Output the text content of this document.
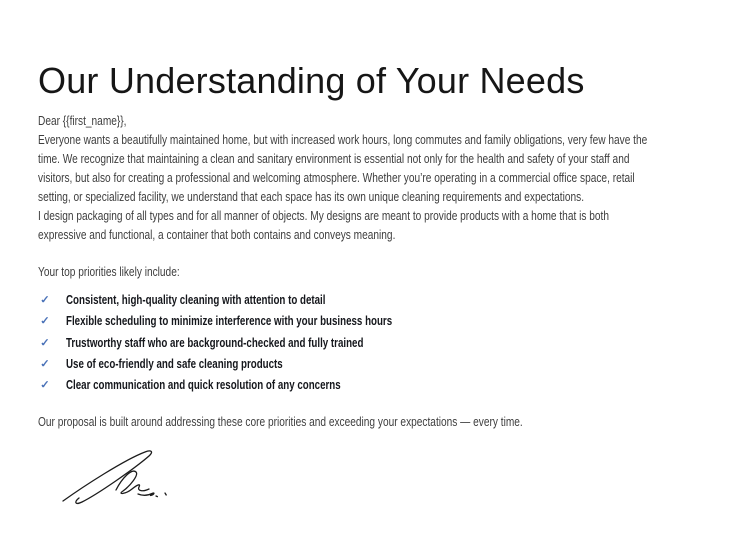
Our Understanding of Your Needs
Dear {{first_name}},
Everyone wants a beautifully maintained home, but with increased work hours, long commutes and family obligations, very few have the
time. We recognize that maintaining a clean and sanitary environment is essential not only for the health and safety of your staff and
visitors, but also for creating a professional and welcoming atmosphere. Whether you’re operating in a commercial office space, retail
setting, or specialized facility, we understand that each space has its own unique cleaning requirements and expectations.
I design packaging of all types and for all manner of objects. My designs are meant to provide products with a home that is both
expressive and functional, a container that both contains and conveys meaning.
Your top priorities likely include:
✓	Consistent, high-quality cleaning with attention to detail
✓	Flexible scheduling to minimize interference with your business hours
✓	Trustworthy staff who are background-checked and fully trained
✓	Use of eco-friendly and safe cleaning products
✓	Clear communication and quick resolution of any concerns
Our proposal is built around addressing these core priorities and exceeding your expectations — every time.
